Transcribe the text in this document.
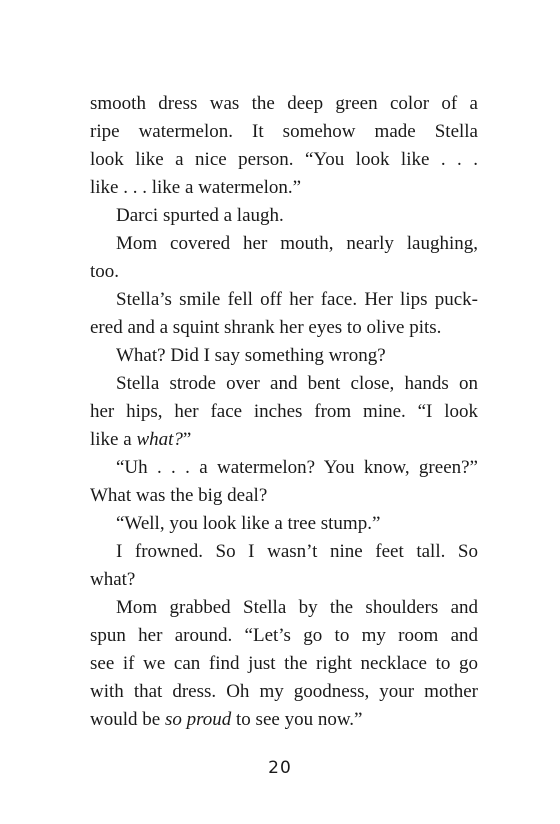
smooth dress was the deep green color of a
ripe watermelon. It somehow made Stella
look like a nice person. “You look like . . .
like . . . like a watermelon.”
Darci spurted a laugh.
Mom covered her mouth, nearly laughing,
too.
Stella’s smile fell off her face. Her lips puck-
ered and a squint shrank her eyes to olive pits.
What? Did I say something wrong?
Stella strode over and bent close, hands on
her hips, her face inches from mine. “I look
like a what?”
“Uh . . . a watermelon? You know, green?”
What was the big deal?
“Well, you look like a tree stump.”
I frowned. So I wasn’t nine feet tall. So
what?
Mom grabbed Stella by the shoulders and
spun her around. “Let’s go to my room and
see if we can find just the right necklace to go
with that dress. Oh my goodness, your mother
would be so proud to see you now.”
20
